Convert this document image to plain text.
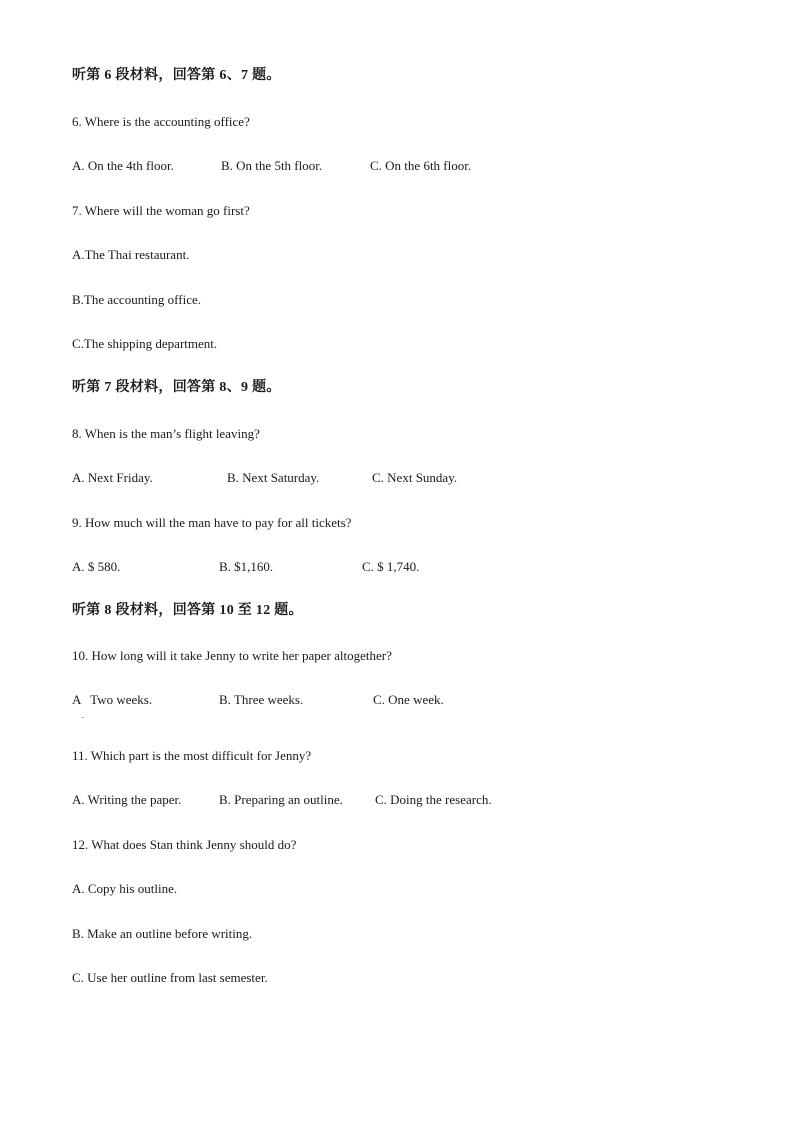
听第 6 段材料，回答第 6、7 题。
6. Where is the accounting office?
A. On the 4th floor.	B. On the 5th floor.	C. On the 6th floor.
7. Where will the woman go first?
A.The Thai restaurant.
B.The accounting office.
C.The shipping department.
听第 7 段材料，回答第 8、9 题。
8. When is the man’s flight leaving?
A. Next Friday.	B. Next Saturday.	C. Next Sunday.
9. How much will the man have to pay for all tickets?
A. $ 580.	B. $1,160.	C. $ 1,740.
听第 8 段材料，回答第 10 至 12 题。
10. How long will it take Jenny to write her paper altogether?
A   Two weeks.	B. Three weeks.	C. One week.
.
11. Which part is the most difficult for Jenny?
A. Writing the paper.	B. Preparing an outline. C. Doing the research.
12. What does Stan think Jenny should do?
A. Copy his outline.
B. Make an outline before writing.
C. Use her outline from last semester.
